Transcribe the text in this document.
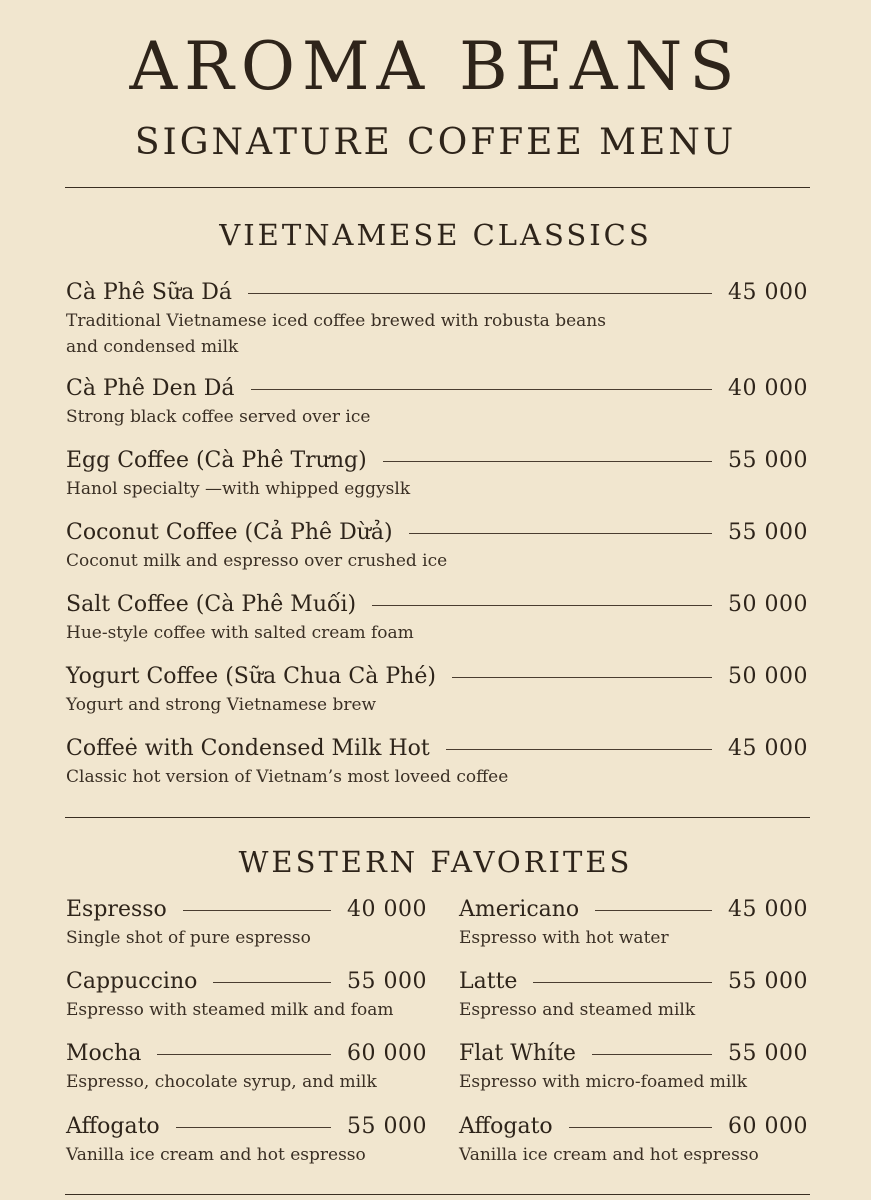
AROMA BEANS
SIGNATURE COFFEE MENU
VIETNAMESE CLASSICS
Cà Phê Sữa Dá	45 000
Traditional Vietnamese iced coffee brewed with robusta beans
and condensed milk
Cà Phê Den Dá	40 000
Strong black coffee served over ice
Egg Coffee (Cà Phê Trưng)	55 000
Hanol specialty —with whipped eggyslk
Coconut Coffee (Cả Phê Dừả)	55 000
Coconut milk and espresso over crushed ice
Salt Coffee (Cà Phê Muối)	50 000
Hue-style coffee with salted cream foam
Yogurt Coffee (Sữa Chua Cà Phé)	50 000
Yogurt and strong Vietnamese brew
Coffeė with Condensed Milk Hot	45 000
Classic hot version of Vietnam’s most loveed coffee
WESTERN FAVORITES
Espresso	40 000
Single shot of pure espresso
Cappuccino	55 000
Espresso with steamed milk and foam
Mocha	60 000
Espresso, chocolate syrup, and milk
Affogato	55 000
Vanilla ice cream and hot espresso
Americano	45 000
Espresso with hot water
Latte	55 000
Espresso and steamed milk
Flat Whíte	55 000
Espresso with micro-foamed milk
Affogato	60 000
Vanilla ice cream and hot espresso
